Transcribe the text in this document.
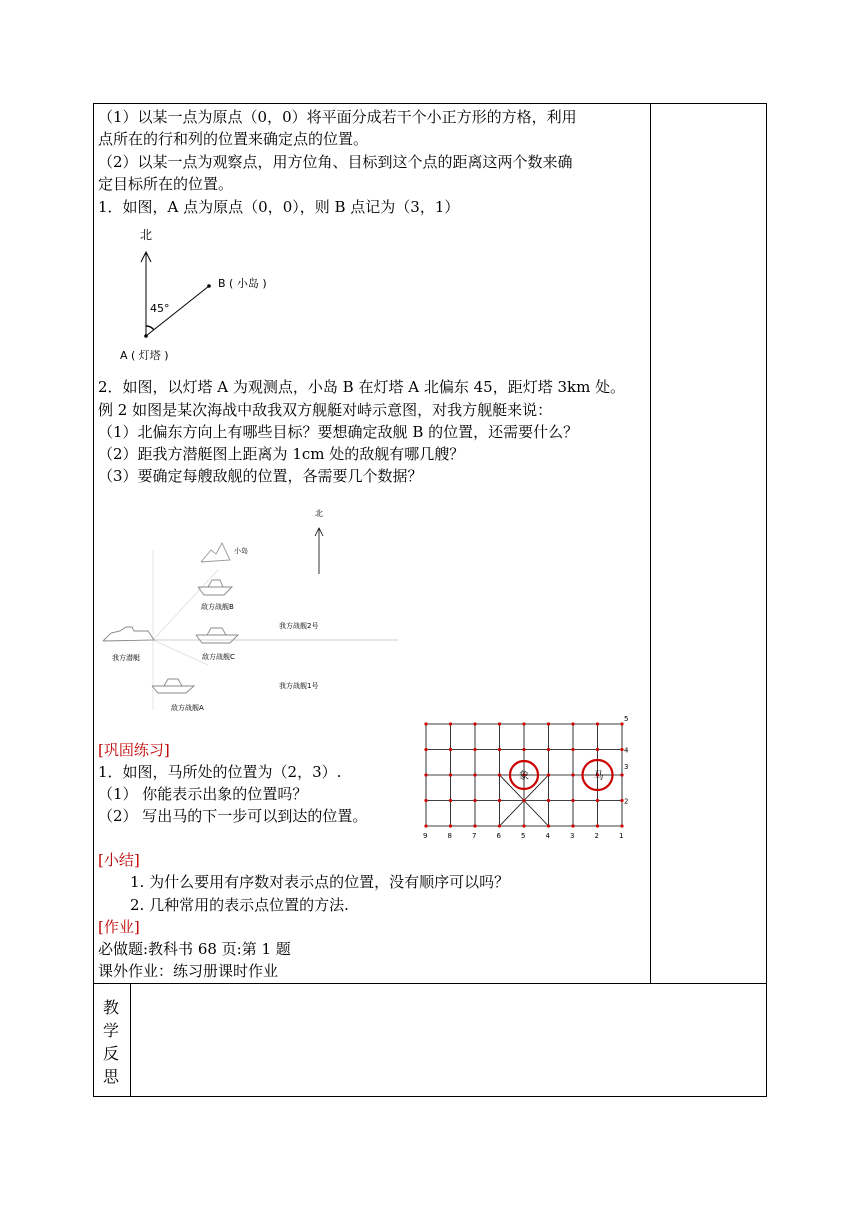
（1）以某一点为原点（0，0）将平面分成若干个小正方形的方格，利用
点所在的行和列的位置来确定点的位置。
（2）以某一点为观察点，用方位角、目标到这个点的距离这两个数来确
定目标所在的位置。
1．如图，A 点为原点（0，0），则 B 点记为（3，1）
北
B ( 小岛 )
45°
A ( 灯塔 )
2．如图，以灯塔 A 为观测点，小岛 B 在灯塔 A 北偏东 45，距灯塔 3km 处。
例 2 如图是某次海战中敌我双方舰艇对峙示意图，对我方舰艇来说：
（1）北偏东方向上有哪些目标？要想确定敌舰 B 的位置，还需要什么？
（2）距我方潜艇图上距离为 1cm 处的敌舰有哪几艘？
（3）要确定每艘敌舰的位置，各需要几个数据？
北
小岛
敌方战舰B
我方潜艇	敌方战舰C
我方战舰2号
我方战舰1号
敌方战舰A
[巩固练习]
1．如图，马所处的位置为（2，3）.
（1） 你能表示出象的位置吗？
（2） 写出马的下一步可以到达的位置。
9	8	7	6	5	4	3	2	1
5
4
3
2
象	马
[小结]
1. 为什么要用有序数对表示点的位置，没有顺序可以吗？
2. 几种常用的表示点位置的方法.
[作业]
必做题:教科书 68 页:第 1 题
课外作业：练习册课时作业
教
学
反
思
